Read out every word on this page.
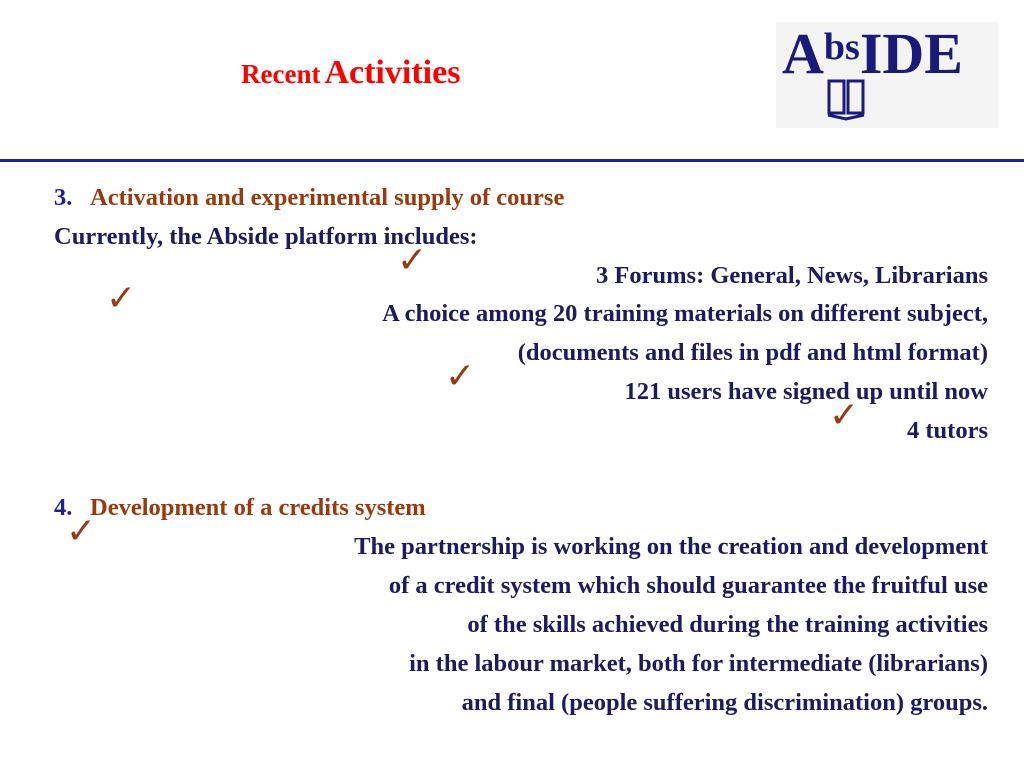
Recent Activities	AbsIDE
3. Activation and experimental supply of course
Currently, the Abside platform includes:
✓	3 Forums: General, News, Librarians
✓	A choice among 20 training materials on different subject,
(documents and files in pdf and html format)
✓	121 users have signed up until now
✓ 4 tutors
4. Development of a credits system
✓	The partnership is working on the creation and development
of a credit system which should guarantee the fruitful use
of the skills achieved during the training activities
in the labour market, both for intermediate (librarians)
and final (people suffering discrimination) groups.
